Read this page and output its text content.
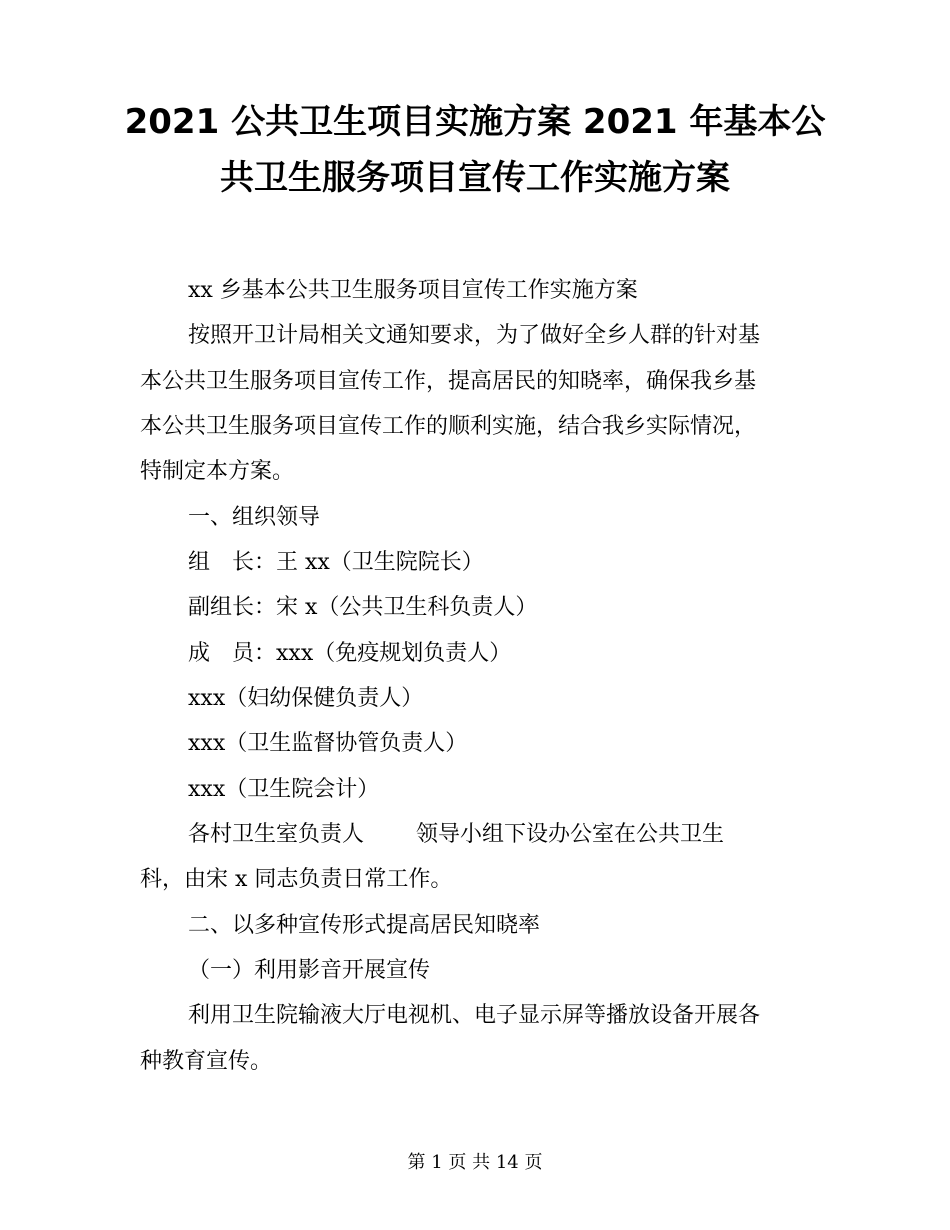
2021 公共卫生项目实施方案 2021 年基本公
共卫生服务项目宣传工作实施方案
xx 乡基本公共卫生服务项目宣传工作实施方案
按照开卫计局相关文通知要求，为了做好全乡人群的针对基
本公共卫生服务项目宣传工作，提高居民的知晓率，确保我乡基
本公共卫生服务项目宣传工作的顺利实施，结合我乡实际情况，
特制定本方案。
一、组织领导
组　长：王 xx（卫生院院长）
副组长：宋 x（公共卫生科负责人）
成　员：xxx（免疫规划负责人）
xxx（妇幼保健负责人）
xxx（卫生监督协管负责人）
xxx（卫生院会计）
各村卫生室负责人 领导小组下设办公室在公共卫生
科，由宋 x 同志负责日常工作。
二、以多种宣传形式提高居民知晓率
（一）利用影音开展宣传
利用卫生院输液大厅电视机、电子显示屏等播放设备开展各
种教育宣传。
第 1 页 共 14 页
